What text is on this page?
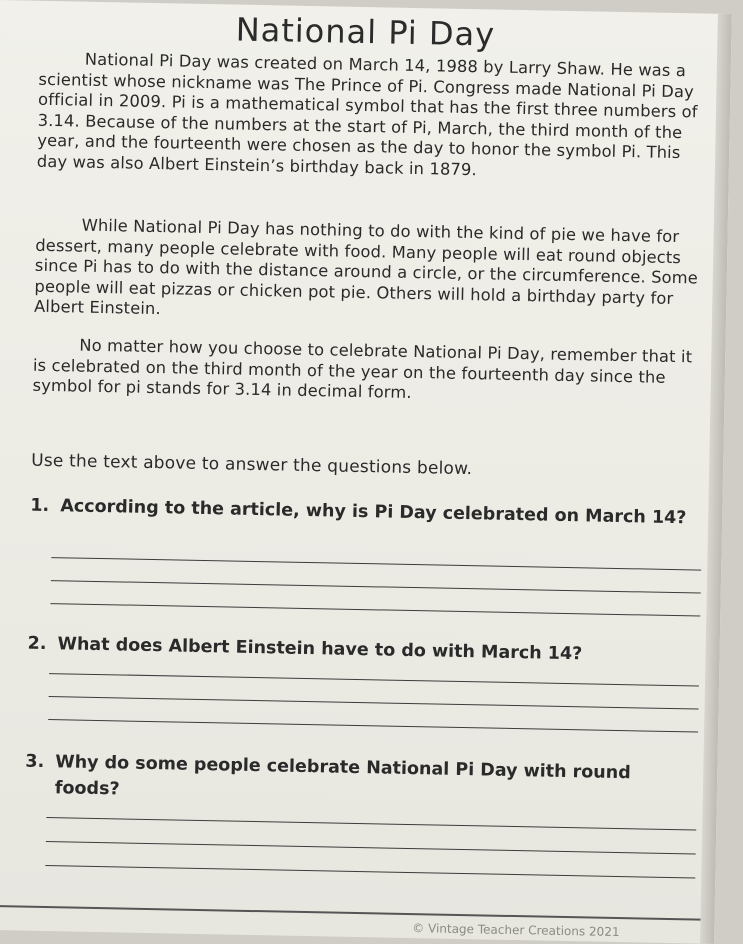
National Pi Day

National Pi Day was created on March 14, 1988 by Larry Shaw. He was a scientist whose nickname was The Prince of Pi. Congress made National Pi Day official in 2009. Pi is a mathematical symbol that has the first three numbers of 3.14. Because of the numbers at the start of Pi, March, the third month of the year, and the fourteenth were chosen as the day to honor the symbol Pi. This day was also Albert Einstein’s birthday back in 1879.

While National Pi Day has nothing to do with the kind of pie we have for dessert, many people celebrate with food. Many people will eat round objects since Pi has to do with the distance around a circle, or the circumference. Some people will eat pizzas or chicken pot pie. Others will hold a birthday party for Albert Einstein.

No matter how you choose to celebrate National Pi Day, remember that it is celebrated on the third month of the year on the fourteenth day since the symbol for pi stands for 3.14 in decimal form.

Use the text above to answer the questions below.
1. According to the article, why is Pi Day celebrated on March 14?
2. What does Albert Einstein have to do with March 14?
3. Why do some people celebrate National Pi Day with round foods?
© Vintage Teacher Creations 2021
